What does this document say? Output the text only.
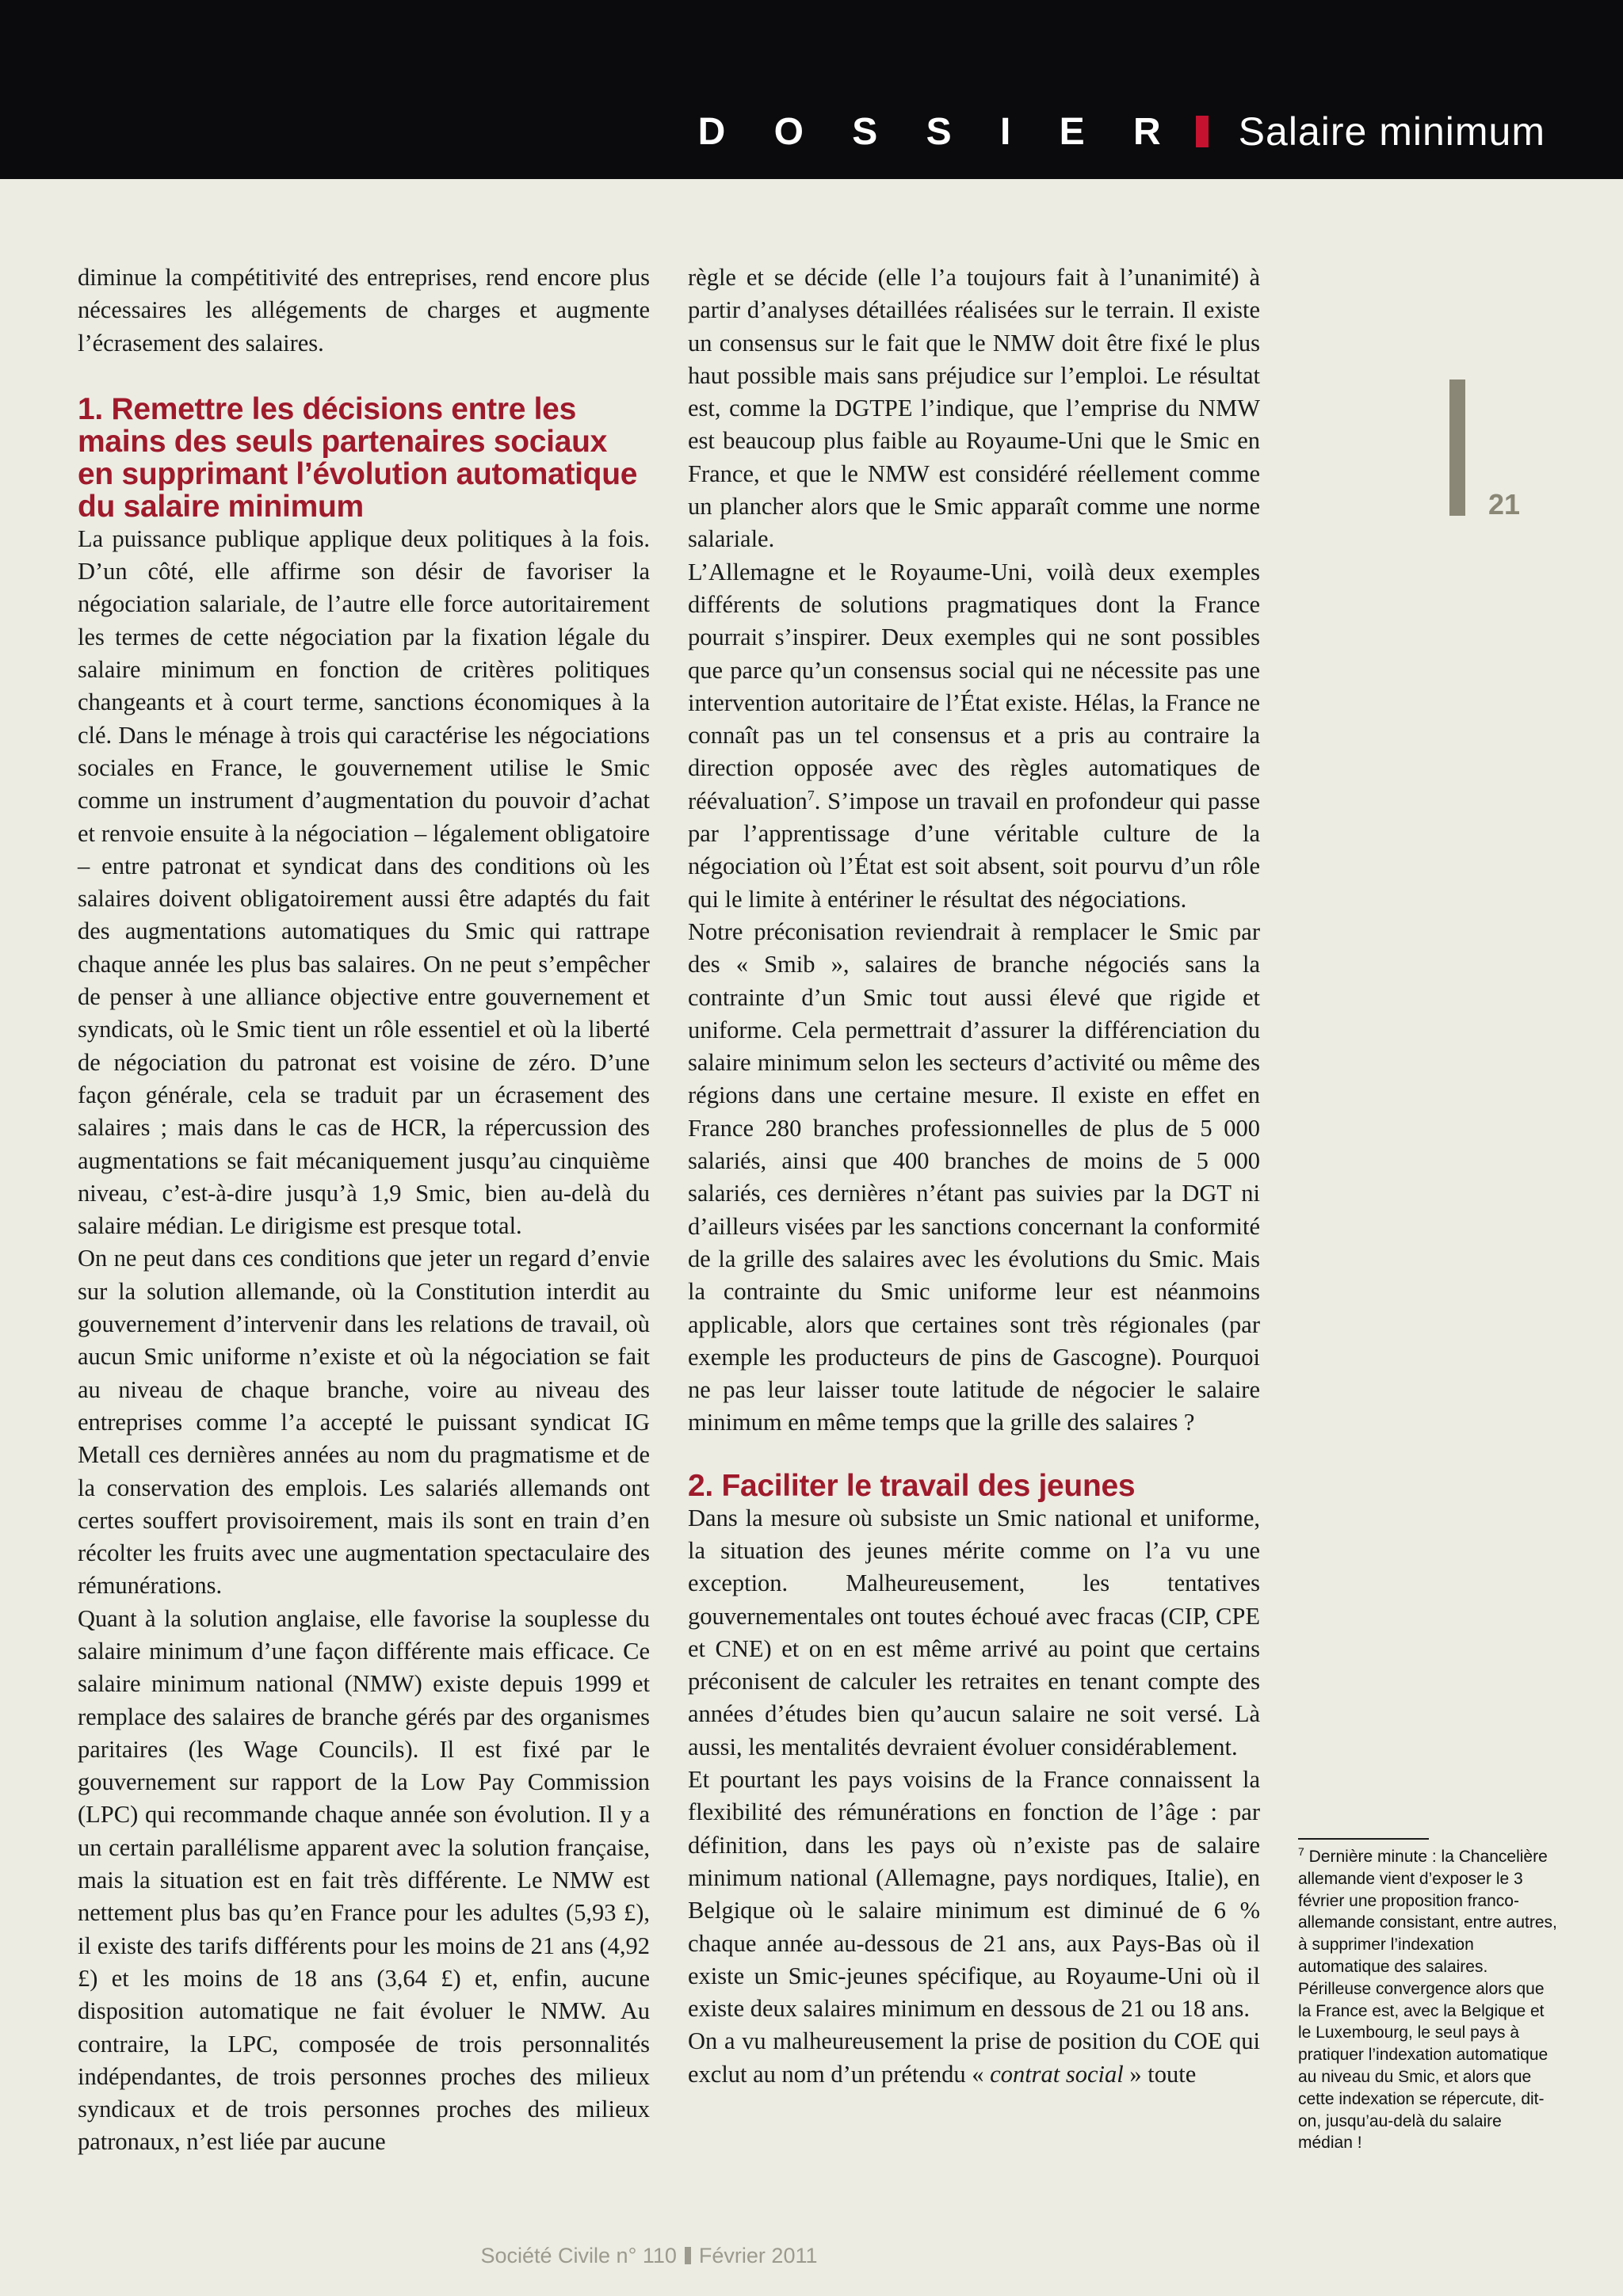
D O S S I E R Salaire minimum

diminue la compétitivité des entreprises, rend encore plus nécessaires les allégements de charges et augmente l’écrasement des salaires.

1. Remettre les décisions entre les mains des seuls partenaires sociaux en supprimant l’évolution automatique du salaire minimum

La puissance publique applique deux politiques à la fois. D’un côté, elle affirme son désir de favoriser la négociation salariale, de l’autre elle force autoritairement les termes de cette négociation par la fixation légale du salaire minimum en fonction de critères politiques changeants et à court terme, sanctions économiques à la clé. Dans le ménage à trois qui caractérise les négociations sociales en France, le gouvernement utilise le Smic comme un instrument d’augmentation du pouvoir d’achat et renvoie ensuite à la négociation – légalement obligatoire – entre patronat et syndicat dans des conditions où les salaires doivent obligatoirement aussi être adaptés du fait des augmentations automatiques du Smic qui rattrape chaque année les plus bas salaires. On ne peut s’empêcher de penser à une alliance objective entre gouvernement et syndicats, où le Smic tient un rôle essentiel et où la liberté de négociation du patronat est voisine de zéro. D’une façon générale, cela se traduit par un écrasement des salaires ; mais dans le cas de HCR, la répercussion des augmentations se fait mécaniquement jusqu’au cinquième niveau, c’est-à-dire jusqu’à 1,9 Smic, bien au-delà du salaire médian. Le dirigisme est presque total.

On ne peut dans ces conditions que jeter un regard d’envie sur la solution allemande, où la Constitution interdit au gouvernement d’intervenir dans les relations de travail, où aucun Smic uniforme n’existe et où la négociation se fait au niveau de chaque branche, voire au niveau des entreprises comme l’a accepté le puissant syndicat IG Metall ces dernières années au nom du pragmatisme et de la conservation des emplois. Les salariés allemands ont certes souffert provisoirement, mais ils sont en train d’en récolter les fruits avec une augmentation spectaculaire des rémunérations.

Quant à la solution anglaise, elle favorise la souplesse du salaire minimum d’une façon différente mais efficace. Ce salaire minimum national (NMW) existe depuis 1999 et remplace des salaires de branche gérés par des organismes paritaires (les Wage Councils). Il est fixé par le gouvernement sur rapport de la Low Pay Commission (LPC) qui recommande chaque année son évolution. Il y a un certain parallélisme apparent avec la solution française, mais la situation est en fait très différente. Le NMW est nettement plus bas qu’en France pour les adultes (5,93 £), il existe des tarifs différents pour les moins de 21 ans (4,92 £) et les moins de 18 ans (3,64 £) et, enfin, aucune disposition automatique ne fait évoluer le NMW. Au contraire, la LPC, composée de trois personnalités indépendantes, de trois personnes proches des milieux syndicaux et de trois personnes proches des milieux patronaux, n’est liée par aucune

règle et se décide (elle l’a toujours fait à l’unanimité) à partir d’analyses détaillées réalisées sur le terrain. Il existe un consensus sur le fait que le NMW doit être fixé le plus haut possible mais sans préjudice sur l’emploi. Le résultat est, comme la DGTPE l’indique, que l’emprise du NMW est beaucoup plus faible au Royaume-Uni que le Smic en France, et que le NMW est considéré réellement comme un plancher alors que le Smic apparaît comme une norme salariale.

L’Allemagne et le Royaume-Uni, voilà deux exemples différents de solutions pragmatiques dont la France pourrait s’inspirer. Deux exemples qui ne sont possibles que parce qu’un consensus social qui ne nécessite pas une intervention autoritaire de l’État existe. Hélas, la France ne connaît pas un tel consensus et a pris au contraire la direction opposée avec des règles automatiques de réévaluation$^7$. S’impose un travail en profondeur qui passe par l’apprentissage d’une véritable culture de la négociation où l’État est soit absent, soit pourvu d’un rôle qui le limite à entériner le résultat des négociations.

Notre préconisation reviendrait à remplacer le Smic par des « Smib », salaires de branche négociés sans la contrainte d’un Smic tout aussi élevé que rigide et uniforme. Cela permettrait d’assurer la différenciation du salaire minimum selon les secteurs d’activité ou même des régions dans une certaine mesure. Il existe en effet en France 280 branches professionnelles de plus de 5 000 salariés, ainsi que 400 branches de moins de 5 000 salariés, ces dernières n’étant pas suivies par la DGT ni d’ailleurs visées par les sanctions concernant la conformité de la grille des salaires avec les évolutions du Smic. Mais la contrainte du Smic uniforme leur est néanmoins applicable, alors que certaines sont très régionales (par exemple les producteurs de pins de Gascogne). Pourquoi ne pas leur laisser toute latitude de négocier le salaire minimum en même temps que la grille des salaires ?

2. Faciliter le travail des jeunes

Dans la mesure où subsiste un Smic national et uniforme, la situation des jeunes mérite comme on l’a vu une exception. Malheureusement, les tentatives gouvernementales ont toutes échoué avec fracas (CIP, CPE et CNE) et on en est même arrivé au point que certains préconisent de calculer les retraites en tenant compte des années d’études bien qu’aucun salaire ne soit versé. Là aussi, les mentalités devraient évoluer considérablement.

Et pourtant les pays voisins de la France connaissent la flexibilité des rémunérations en fonction de l’âge : par définition, dans les pays où n’existe pas de salaire minimum national (Allemagne, pays nordiques, Italie), en Belgique où le salaire minimum est diminué de 6 % chaque année au-dessous de 21 ans, aux Pays-Bas où il existe un Smic-jeunes spécifique, au Royaume-Uni où il existe deux salaires minimum en dessous de 21 ou 18 ans.

On a vu malheureusement la prise de position du COE qui exclut au nom d’un prétendu « contrat social » toute

21
$^7$ Dernière minute : la Chancelière allemande vient d’exposer le 3 février une proposition franco-allemande consistant, entre autres, à supprimer l’indexation automatique des salaires. Périlleuse convergence alors que la France est, avec la Belgique et le Luxembourg, le seul pays à pratiquer l’indexation automatique au niveau du Smic, et alors que cette indexation se répercute, dit-on, jusqu’au-delà du salaire médian !
Société Civile n° 110 Février 2011
